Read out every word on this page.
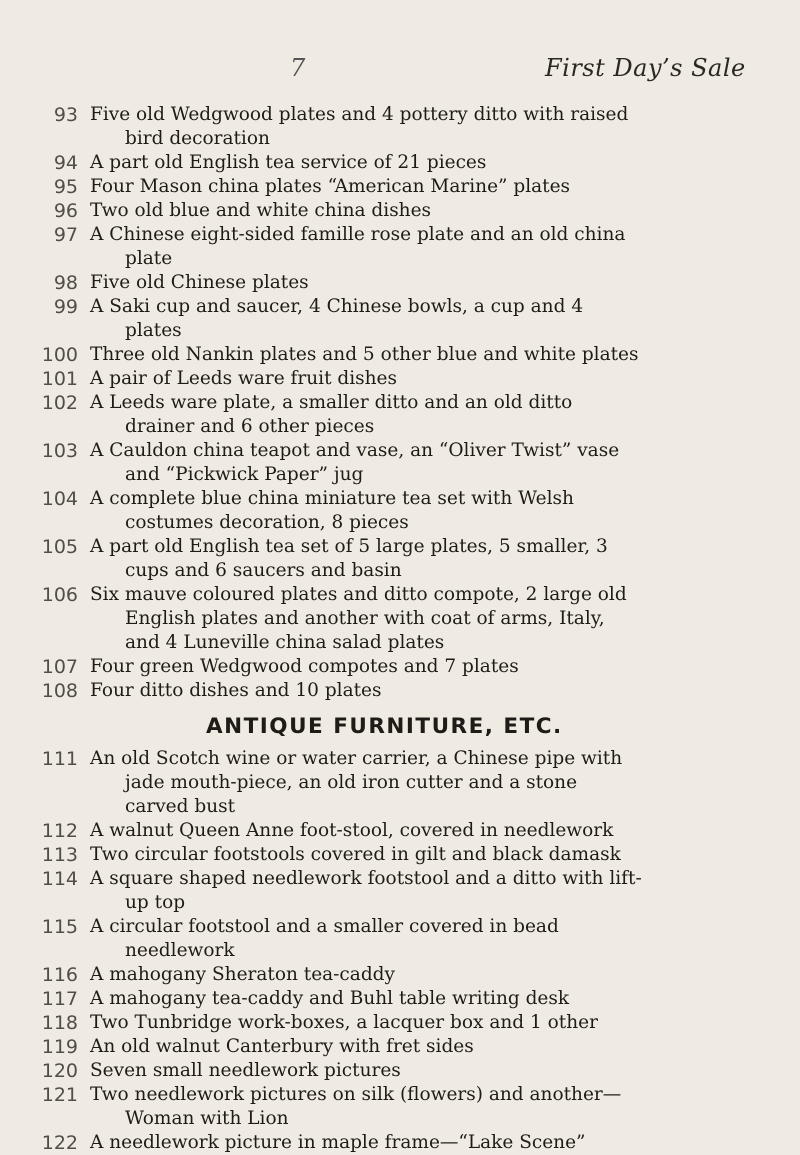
7	First Day’s Sale
93 Five old Wedgwood plates and 4 pottery ditto with raised bird decoration
94 A part old English tea service of 21 pieces
95 Four Mason china plates “American Marine” plates
96 Two old blue and white china dishes
97 A Chinese eight-sided famille rose plate and an old china plate
98 Five old Chinese plates
99 A Saki cup and saucer, 4 Chinese bowls, a cup and 4 plates
100 Three old Nankin plates and 5 other blue and white plates
101 A pair of Leeds ware fruit dishes
102 A Leeds ware plate, a smaller ditto and an old ditto drainer and 6 other pieces
103 A Cauldon china teapot and vase, an “Oliver Twist” vase and “Pickwick Paper” jug
104 A complete blue china miniature tea set with Welsh costumes decoration, 8 pieces
105 A part old English tea set of 5 large plates, 5 smaller, 3 cups and 6 saucers and basin
106 Six mauve coloured plates and ditto compote, 2 large old English plates and another with coat of arms, Italy, and 4 Luneville china salad plates
107 Four green Wedgwood compotes and 7 plates
108 Four ditto dishes and 10 plates
ANTIQUE FURNITURE, ETC.
111 An old Scotch wine or water carrier, a Chinese pipe with jade mouth-piece, an old iron cutter and a stone carved bust
112 A walnut Queen Anne foot-stool, covered in needlework
113 Two circular footstools covered in gilt and black damask
114 A square shaped needlework footstool and a ditto with lift-up top
115 A circular footstool and a smaller covered in bead needlework
116 A mahogany Sheraton tea-caddy
117 A mahogany tea-caddy and Buhl table writing desk
118 Two Tunbridge work-boxes, a lacquer box and 1 other
119 An old walnut Canterbury with fret sides
120 Seven small needlework pictures
121 Two needlework pictures on silk (flowers) and another—Woman with Lion
122 A needlework picture in maple frame—“Lake Scene”
